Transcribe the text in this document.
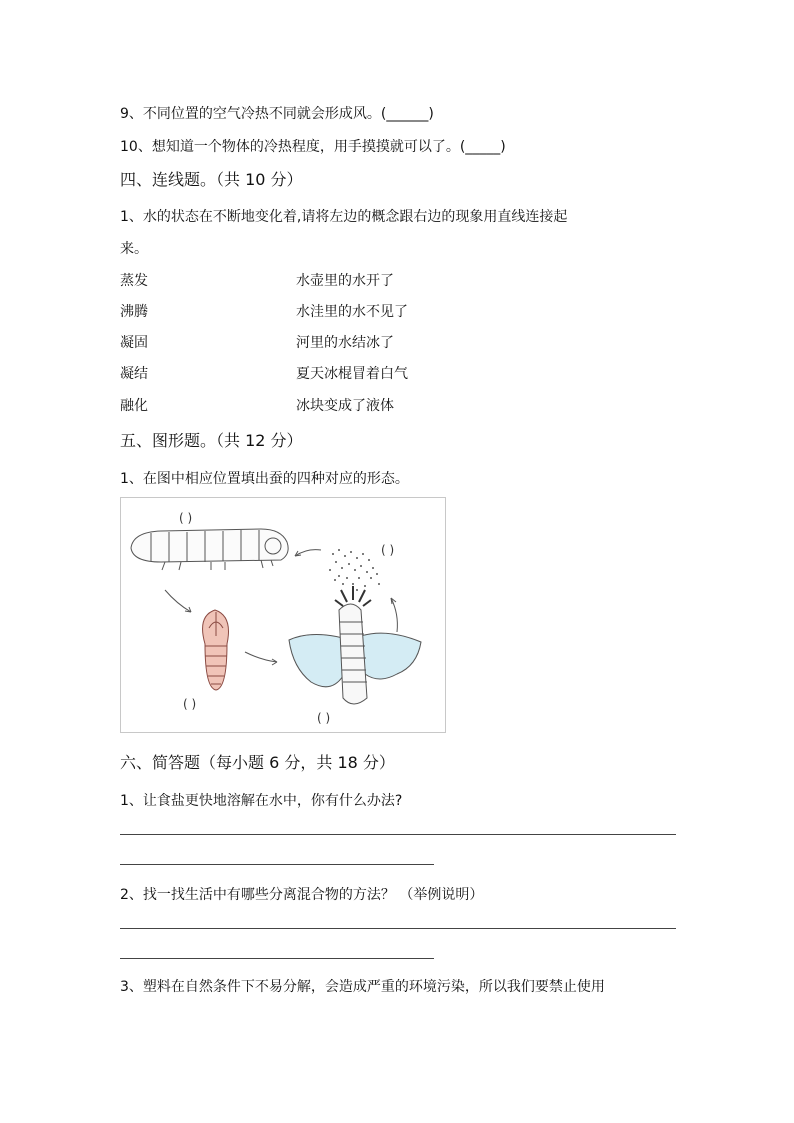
9、不同位置的空气冷热不同就会形成风。(______)
10、想知道一个物体的冷热程度，用手摸摸就可以了。(_____)
四、连线题。（共 10 分）
1、水的状态在不断地变化着,请将左边的概念跟右边的现象用直线连接起
来。
蒸发	水壶里的水开了
沸腾	水洼里的水不见了
凝固	河里的水结冰了
凝结	夏天冰棍冒着白气
融化	冰块变成了液体
五、图形题。（共 12 分）
1、在图中相应位置填出蚕的四种对应的形态。
( )
( )
( )
( )
六、简答题（每小题 6 分，共 18 分）
1、让食盐更快地溶解在水中，你有什么办法?
2、找一找生活中有哪些分离混合物的方法？ （举例说明）
3、塑料在自然条件下不易分解，会造成严重的环境污染，所以我们要禁止使用
